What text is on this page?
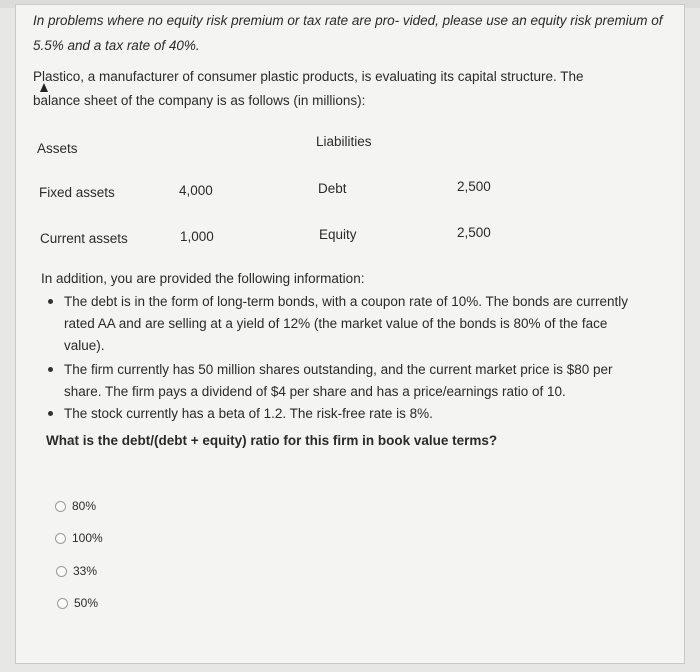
In problems where no equity risk premium or tax rate are pro- vided, please use an equity risk premium of
5.5% and a tax rate of 40%.
Plastico, a manufacturer of consumer plastic products, is evaluating its capital structure. The
balance sheet of the company is as follows (in millions):
Assets	Liabilities
Fixed assets	4,000	Debt	2,500
Current assets	1,000	Equity	2,500
In addition, you are provided the following information:
The debt is in the form of long-term bonds, with a coupon rate of 10%. The bonds are currently
rated AA and are selling at a yield of 12% (the market value of the bonds is 80% of the face
value).
The firm currently has 50 million shares outstanding, and the current market price is $80 per
share. The firm pays a dividend of $4 per share and has a price/earnings ratio of 10.
The stock currently has a beta of 1.2. The risk-free rate is 8%.
What is the debt/(debt + equity) ratio for this firm in book value terms?
80%
100%
33%
50%
